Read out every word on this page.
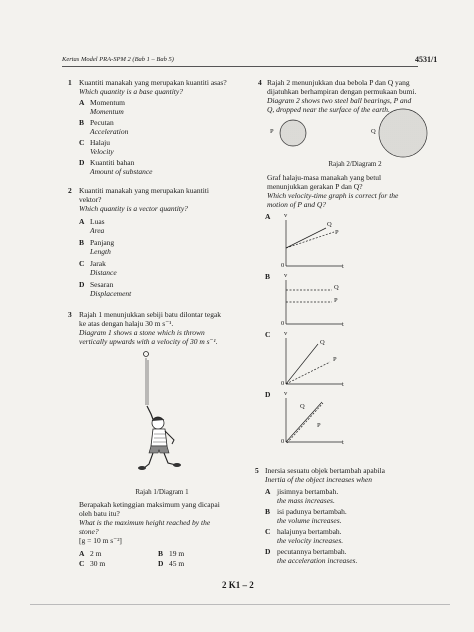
Kertas Model PRA-SPM 2 (Bab 1 – Bab 5)	4531/1
1 Kuantiti manakah yang merupakan kuantiti asas?
Which quantity is a base quantity?
A Momentum
Momentum
B Pecutan
Acceleration
C Halaju
Velocity
D Kuantiti bahan
Amount of substance
2 Kuantiti manakah yang merupakan kuantiti
vektor?
Which quantity is a vector quantity?
A Luas
Area
B Panjang
Length
C Jarak
Distance
D Sesaran
Displacement
3 Rajah 1 menunjukkan sebiji batu dilontar tegak
ke atas dengan halaju 30 m s⁻¹.
Diagram 1 shows a stone which is thrown
vertically upwards with a velocity of 30 m s⁻¹.
Rajah 1/Diagram 1
Berapakah ketinggian maksimum yang dicapai
oleh batu itu?
What is the maximum height reached by the
stone?
[g = 10 m s⁻²]
A 2 m	B 19 m
C 30 m	D 45 m
4 Rajah 2 menunjukkan dua bebola P dan Q yang
dijatuhkan berhampiran dengan permukaan bumi.
Diagram 2 shows two steel ball bearings, P and
Q, dropped near the surface of the earth.
P	Q
Rajah 2/Diagram 2
Graf halaju-masa manakah yang betul
menunjukkan gerakan P dan Q?
Which velocity-time graph is correct for the
motion of P and Q?
A v
0	t
Q
P
B v
0	t
Q
P
C v
0	t
Q
P
D v
0	t
Q
P
5 Inersia sesuatu objek bertambah apabila
Inertia of the object increases when
A jisimnya bertambah.
the mass increases.
B isi padunya bertambah.
the volume increases.
C halajunya bertambah.
the velocity increases.
D pecutannya bertambah.
the acceleration increases.
2 K1 – 2
